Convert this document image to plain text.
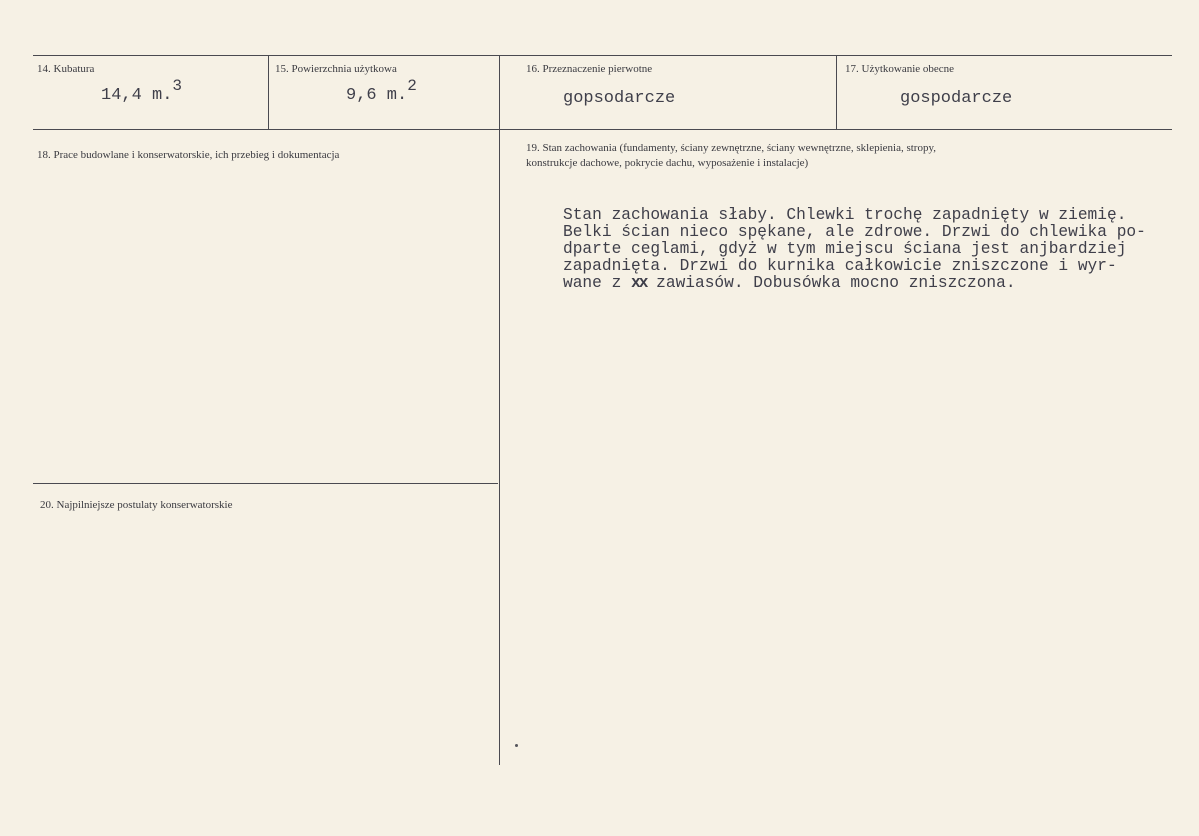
14. Kubatura
14,4 m.3
15. Powierzchnia użytkowa
9,6 m.2
16. Przeznaczenie pierwotne
gopsodarcze
17. Użytkowanie obecne
gospodarcze
18. Prace budowlane i konserwatorskie, ich przebieg i dokumentacja
19. Stan zachowania (fundamenty, ściany zewnętrzne, ściany wewnętrzne, sklepienia, stropy,
konstrukcje dachowe, pokrycie dachu, wyposażenie i instalacje)
Stan zachowania słaby. Chlewki trochę zapadnięty w ziemię.
Belki ścian nieco spękane, ale zdrowe. Drzwi do chlewika po-
dparte ceglami, gdyż w tym miejscu ściana jest anjbardziej
zapadnięta. Drzwi do kurnika całkowicie zniszczone i wyr-
wane z xx zawiasów. Dobusówka mocno zniszczona.
20. Najpilniejsze postulaty konserwatorskie
